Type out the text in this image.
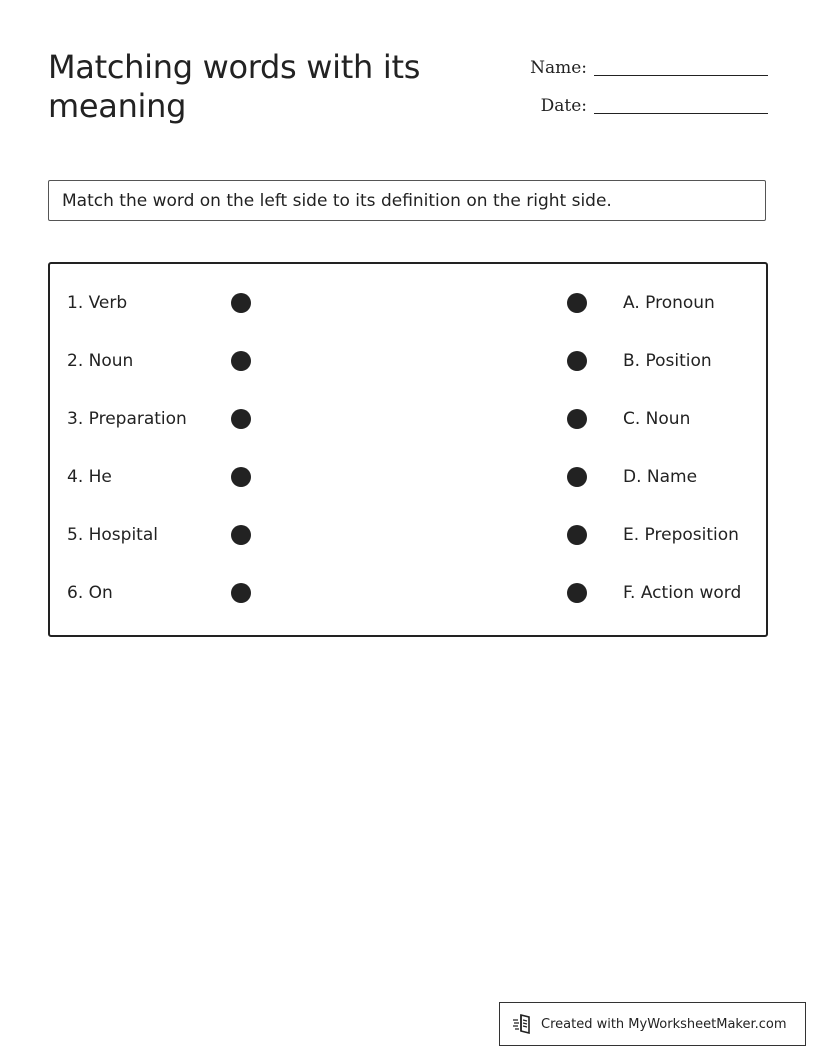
Matching words with its meaning
Name:
Date:
Match the word on the left side to its definition on the right side.
1. Verb	A. Pronoun
2. Noun	B. Position
3. Preparation	C. Noun
4. He	D. Name
5. Hospital	E. Preposition
6. On	F. Action word
Created with MyWorksheetMaker.com
